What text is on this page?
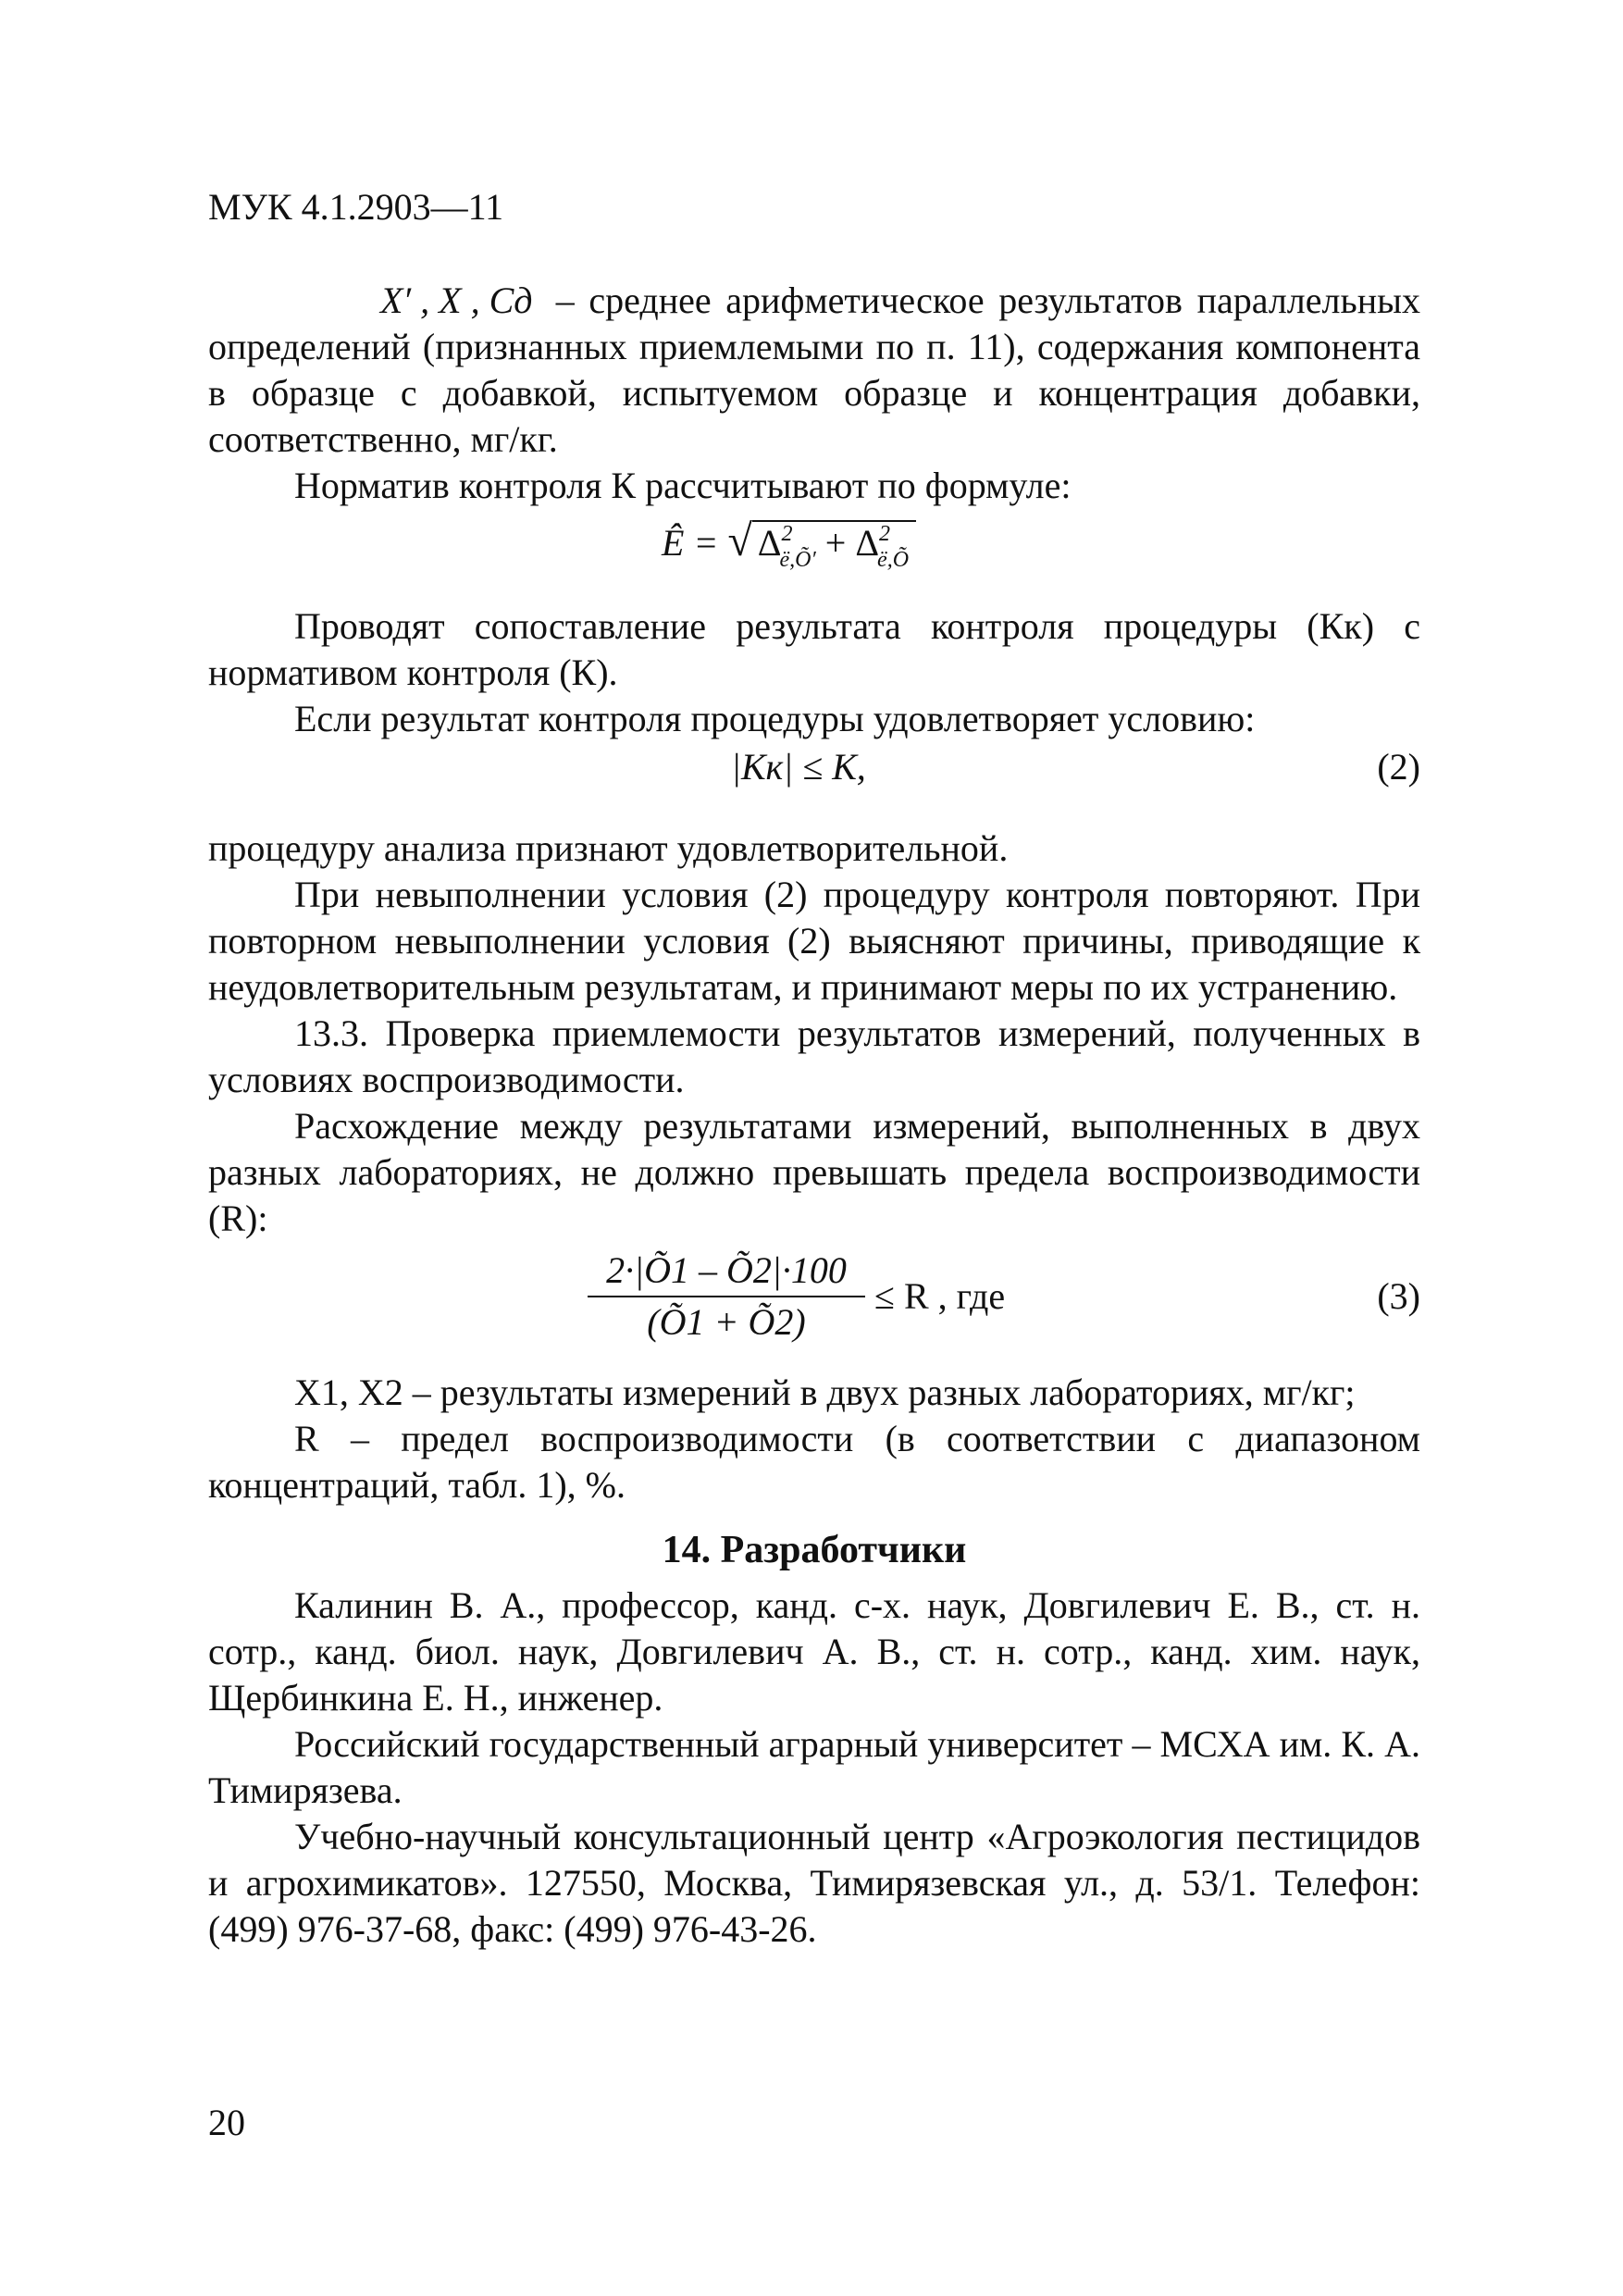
МУК 4.1.2903—11

X′ , X , Cд – среднее арифметическое результатов параллельных определений (признанных приемлемыми по п. 11), содержания компонента в образце с добавкой, испытуемом образце и концентрация добавки, соответственно, мг/кг.

Норматив контроля К рассчитывают по формуле:

Ê = √ $\Delta^2_{ë,Õ'} + \Delta^2_{ë,Õ}$

Проводят сопоставление результата контроля процедуры (Кк) с нормативом контроля (К).

Если результат контроля процедуры удовлетворяет условию:

|Кк| ≤ К,	(2)

процедуру анализа признают удовлетворительной.

При невыполнении условия (2) процедуру контроля повторяют. При повторном невыполнении условия (2) выясняют причины, приводящие к неудовлетворительным результатам, и принимают меры по их устранению.

13.3. Проверка приемлемости результатов измерений, полученных в условиях воспроизводимости.

Расхождение между результатами измерений, выполненных в двух разных лабораториях, не должно превышать предела воспроизводимости (R):

$\frac{2\cdot|Õ1 - Õ2|\cdot 100}{(Õ1 + Õ2)} \le R$ , где	(3)

X1, X2 – результаты измерений в двух разных лабораториях, мг/кг;

R – предел воспроизводимости (в соответствии с диапазоном концентраций, табл. 1), %.

14. Разработчики

Калинин В. А., профессор, канд. с-х. наук, Довгилевич Е. В., ст. н. сотр., канд. биол. наук, Довгилевич А. В., ст. н. сотр., канд. хим. наук, Щербинкина Е. Н., инженер.

Российский государственный аграрный университет – МСХА им. К. А. Тимирязева.

Учебно-научный консультационный центр «Агроэкология пестицидов и агрохимикатов». 127550, Москва, Тимирязевская ул., д. 53/1. Телефон: (499) 976-37-68, факс: (499) 976-43-26.

20
